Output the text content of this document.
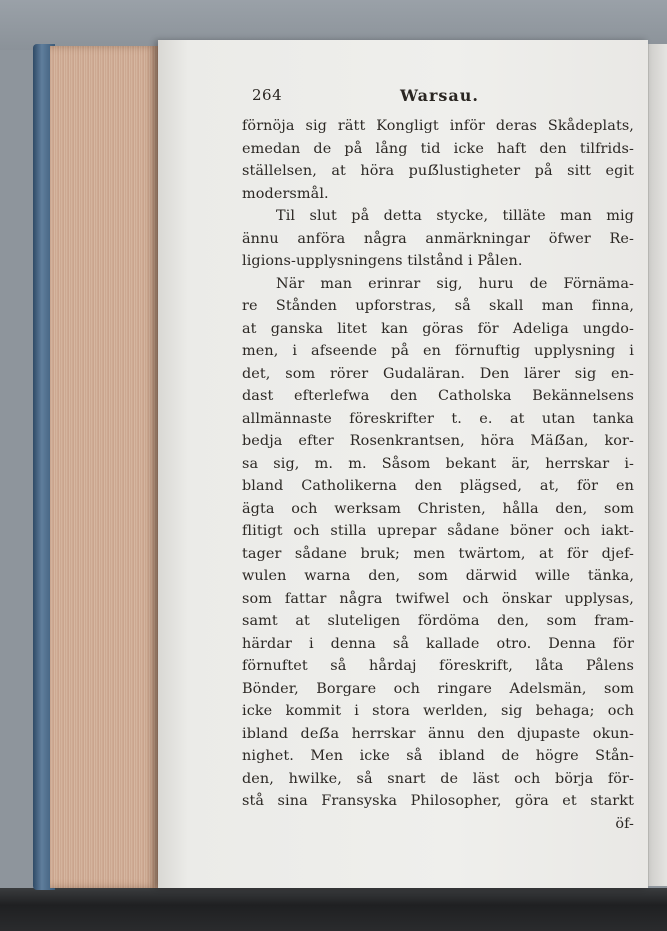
264	Warsau.
förnöja sig rätt Kongligt inför deras Skådeplats,
emedan de på lång tid icke haft den tilfrids-
ställelsen, at höra puẞlustigheter på sitt egit
modersmål.
Til slut på detta stycke, tilläte man mig
ännu anföra några anmärkningar öfwer Re-
ligions-upplysningens tilstånd i Pålen.
När man erinrar sig, huru de Förnäma-
re Stånden upforstras, så skall man finna,
at ganska litet kan göras för Adeliga ungdo-
men, i afseende på en förnuftig upplysning i
det, som rörer Gudaläran. Den lärer sig en-
dast efterlefwa den Catholska Bekännelsens
allmännaste föreskrifter t. e. at utan tanka
bedja efter Rosenkrantsen, höra Mäẞan, kor-
sa sig, m. m. Såsom bekant är, herrskar i-
bland Catholikerna den plägsed, at, för en
ägta och werksam Christen, hålla den, som
flitigt och stilla uprepar sådane böner och iakt-
tager sådane bruk; men twärtom, at för djef-
wulen warna den, som därwid wille tänka,
som fattar några twifwel och önskar upplysas,
samt at sluteligen fördöma den, som fram-
härdar i denna så kallade otro. Denna för
förnuftet så hårdaj föreskrift, låta Pålens
Bönder, Borgare och ringare Adelsmän, som
icke kommit i stora werlden, sig behaga; och
ibland deẞa herrskar ännu den djupaste okun-
nighet. Men icke så ibland de högre Stån-
den, hwilke, så snart de läst och börja för-
stå sina Fransyska Philosopher, göra et starkt
öf-
